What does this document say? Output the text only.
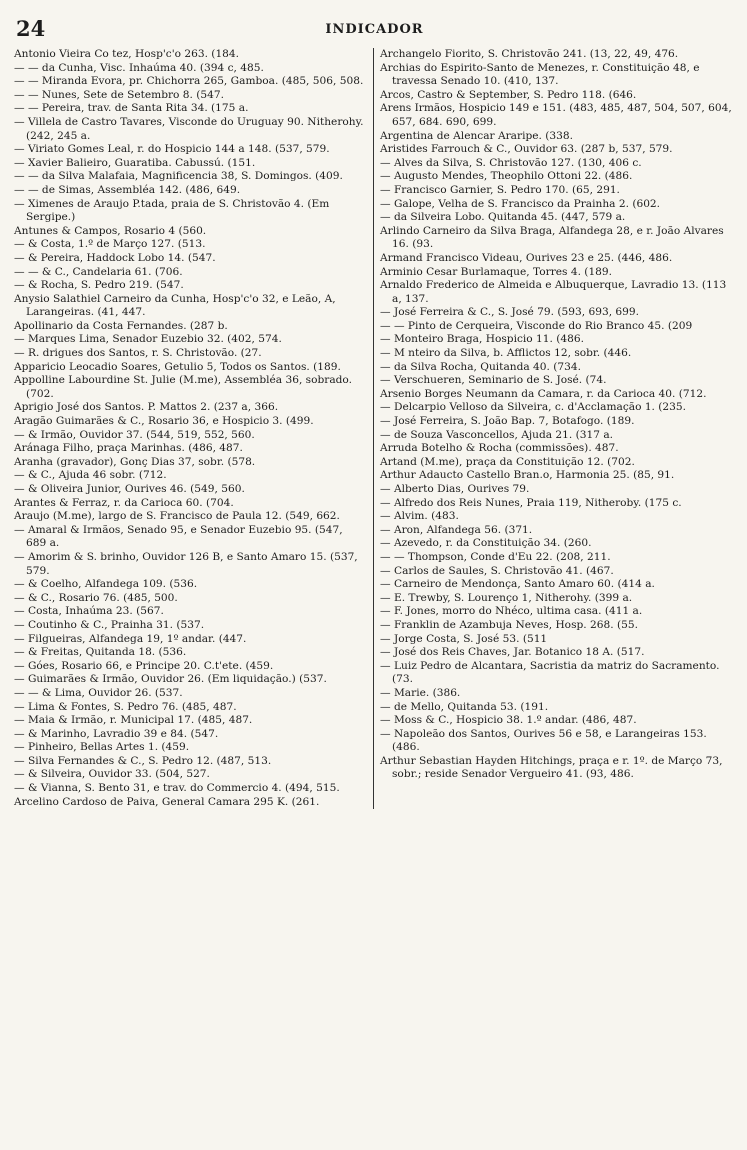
24	INDICADOR
Antonio Vieira Co tez, Hosp'c'o 263. (184.
— — da Cunha, Visc. Inhaúma 40. (394 c, 485.
— — Miranda Evora, pr. Chichorra 265, Gamboa. (485, 506, 508.
— — Nunes, Sete de Setembro 8. (547.
— — Pereira, trav. de Santa Rita 34. (175 a.
— Villela de Castro Tavares, Visconde do Uruguay 90. Nitherohy. (242, 245 a.
— Viriato Gomes Leal, r. do Hospicio 144 a 148. (537, 579.
— Xavier Balieiro, Guaratiba. Cabussú. (151.
— — da Silva Malafaia, Magnificencia 38, S. Domingos. (409.
— — de Simas, Assembléa 142. (486, 649.
— Ximenes de Araujo P.tada, praia de S. Christovão 4. (Em Sergipe.)
Antunes & Campos, Rosario 4 (560.
— & Costa, 1.º de Março 127. (513.
— & Pereira, Haddock Lobo 14. (547.
— — & C., Candelaria 61. (706.
— & Rocha, S. Pedro 219. (547.
Anysio Salathiel Carneiro da Cunha, Hosp'c'o 32, e Leão, A, Larangeiras. (41, 447.
Apollinario da Costa Fernandes. (287 b.
— Marques Lima, Senador Euzebio 32. (402, 574.
— R. drigues dos Santos, r. S. Christovão. (27.
Apparicio Leocadio Soares, Getulio 5, Todos os Santos. (189.
Appolline Labourdine St. Julie (M.me), Assembléa 36, sobrado. (702.
Aprigio José dos Santos. P. Mattos 2. (237 a, 366.
Aragão Guimarães & C., Rosario 36, e Hospicio 3. (499.
— & Irmão, Ouvidor 37. (544, 519, 552, 560.
Aránaga Filho, praça Marinhas. (486, 487.
Aranha (gravador), Gonç Dias 37, sobr. (578.
— & C., Ajuda 46 sobr. (712.
— & Oliveira Junior, Ourives 46. (549, 560.
Arantes & Ferraz, r. da Carioca 60. (704.
Araujo (M.me), largo de S. Francisco de Paula 12. (549, 662.
— Amaral & Irmãos, Senado 95, e Senador Euzebio 95. (547, 689 a.
— Amorim & S. brinho, Ouvidor 126 B, e Santo Amaro 15. (537, 579.
— & Coelho, Alfandega 109. (536.
— & C., Rosario 76. (485, 500.
— Costa, Inhaúma 23. (567.
— Coutinho & C., Prainha 31. (537.
— Filgueiras, Alfandega 19, 1º andar. (447.
— & Freitas, Quitanda 18. (536.
— Góes, Rosario 66, e Principe 20. C.t'ete. (459.
— Guimarães & Irmão, Ouvidor 26. (Em liquidação.) (537.
— — & Lima, Ouvidor 26. (537.
— Lima & Fontes, S. Pedro 76. (485, 487.
— Maia & Irmão, r. Municipal 17. (485, 487.
— & Marinho, Lavradio 39 e 84. (547.
— Pinheiro, Bellas Artes 1. (459.
— Silva Fernandes & C., S. Pedro 12. (487, 513.
— & Silveira, Ouvidor 33. (504, 527.
— & Vianna, S. Bento 31, e trav. do Commercio 4. (494, 515.
Arcelino Cardoso de Paiva, General Camara 295 K. (261.
Archangelo Fiorito, S. Christovão 241. (13, 22, 49, 476.
Archias do Espirito-Santo de Menezes, r. Constituição 48, e travessa Senado 10. (410, 137.
Arcos, Castro & September, S. Pedro 118. (646.
Arens Irmãos, Hospicio 149 e 151. (483, 485, 487, 504, 507, 604, 657, 684. 690, 699.
Argentina de Alencar Araripe. (338.
Aristides Farrouch & C., Ouvidor 63. (287 b, 537, 579.
— Alves da Silva, S. Christovão 127. (130, 406 c.
— Augusto Mendes, Theophilo Ottoni 22. (486.
— Francisco Garnier, S. Pedro 170. (65, 291.
— Galope, Velha de S. Francisco da Prainha 2. (602.
— da Silveira Lobo. Quitanda 45. (447, 579 a.
Arlindo Carneiro da Silva Braga, Alfandega 28, e r. João Alvares 16. (93.
Armand Francisco Videau, Ourives 23 e 25. (446, 486.
Arminio Cesar Burlamaque, Torres 4. (189.
Arnaldo Frederico de Almeida e Albuquerque, Lavradio 13. (113 a, 137.
— José Ferreira & C., S. José 79. (593, 693, 699.
— — Pinto de Cerqueira, Visconde do Rio Branco 45. (209
— Monteiro Braga, Hospicio 11. (486.
— M nteiro da Silva, b. Afflictos 12, sobr. (446.
— da Silva Rocha, Quitanda 40. (734.
— Verschueren, Seminario de S. José. (74.
Arsenio Borges Neumann da Camara, r. da Carioca 40. (712.
— Delcarpio Velloso da Silveira, c. d'Acclamação 1. (235.
— José Ferreira, S. João Bap. 7, Botafogo. (189.
— de Souza Vasconcellos, Ajuda 21. (317 a.
Arruda Botelho & Rocha (commissões). 487.
Artand (M.me), praça da Constituição 12. (702.
Arthur Adaucto Castello Bran.o, Harmonia 25. (85, 91.
— Alberto Dias, Ourives 79.
— Alfredo dos Reis Nunes, Praia 119, Nitheroby. (175 c.
— Alvim. (483.
— Aron, Alfandega 56. (371.
— Azevedo, r. da Constituição 34. (260.
— — Thompson, Conde d'Eu 22. (208, 211.
— Carlos de Saules, S. Christovão 41. (467.
— Carneiro de Mendonça, Santo Amaro 60. (414 a.
— E. Trewby, S. Lourenço 1, Nitherohy. (399 a.
— F. Jones, morro do Nhéco, ultima casa. (411 a.
— Franklin de Azambuja Neves, Hosp. 268. (55.
— Jorge Costa, S. José 53. (511
— José dos Reis Chaves, Jar. Botanico 18 A. (517.
— Luiz Pedro de Alcantara, Sacristia da matriz do Sacramento. (73.
— Marie. (386.
— de Mello, Quitanda 53. (191.
— Moss & C., Hospicio 38. 1.º andar. (486, 487.
— Napoleão dos Santos, Ourives 56 e 58, e Larangeiras 153. (486.
Arthur Sebastian Hayden Hitchings, praça e r. 1º. de Março 73, sobr.; reside Senador Vergueiro 41. (93, 486.
